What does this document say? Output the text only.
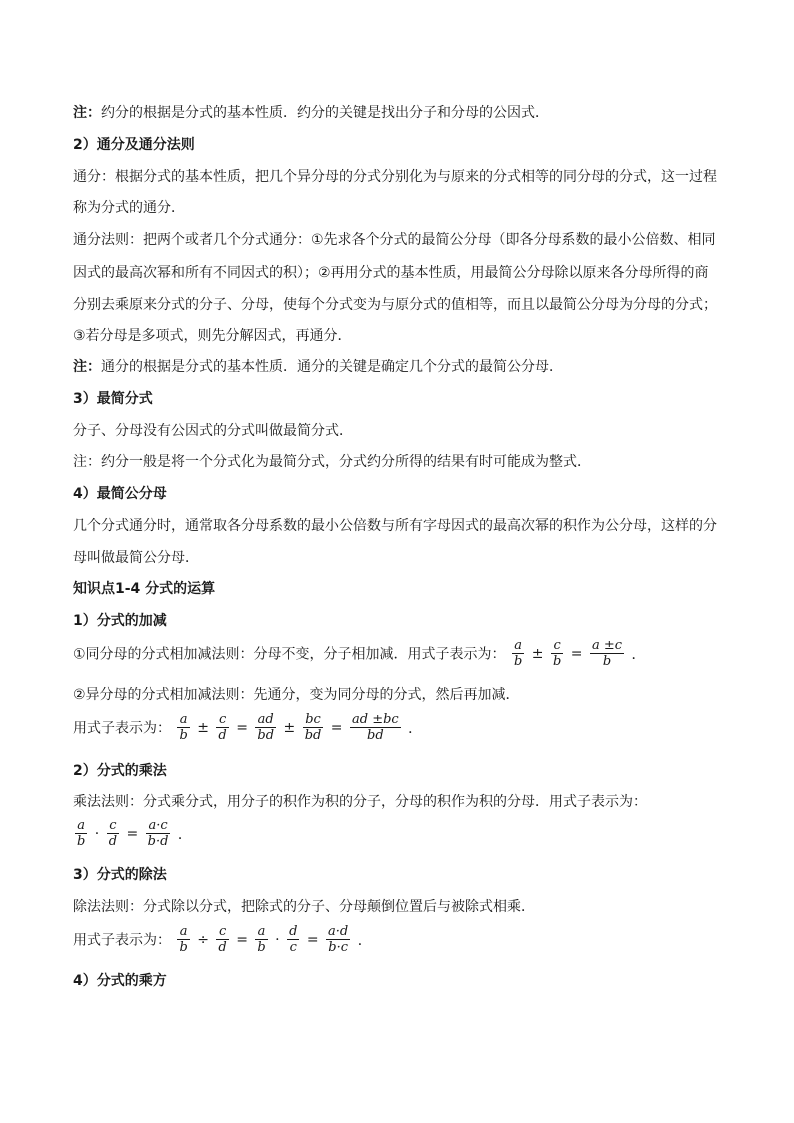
注：约分的根据是分式的基本性质．约分的关键是找出分子和分母的公因式．
2）通分及通分法则
通分：根据分式的基本性质，把几个异分母的分式分别化为与原来的分式相等的同分母的分式，这一过程
称为分式的通分．
通分法则：把两个或者几个分式通分：①先求各个分式的最简公分母（即各分母系数的最小公倍数、相同
因式的最高次幂和所有不同因式的积）；②再用分式的基本性质，用最简公分母除以原来各分母所得的商
分别去乘原来分式的分子、分母，使每个分式变为与原分式的值相等，而且以最简公分母为分母的分式；
③若分母是多项式，则先分解因式，再通分．
注：通分的根据是分式的基本性质．通分的关键是确定几个分式的最简公分母．
3）最简分式
分子、分母没有公因式的分式叫做最简分式．
注：约分一般是将一个分式化为最简分式，分式约分所得的结果有时可能成为整式．
4）最简公分母
几个分式通分时，通常取各分母系数的最小公倍数与所有字母因式的最高次幂的积作为公分母，这样的分
母叫做最简公分母．
知识点1-4 分式的运算
1）分式的加减
①同分母的分式相加减法则：分母不变，分子相加减．用式子表示为： $\frac{a}{b} \pm \frac{c}{b} = \frac{a \pm c}{b}$ ．
②异分母的分式相加减法则：先通分，变为同分母的分式，然后再加减．
用式子表示为： $\frac{a}{b} \pm \frac{c}{d} = \frac{ad}{bd} \pm \frac{bc}{bd} = \frac{ad \pm bc}{bd}$ ．
2）分式的乘法
乘法法则：分式乘分式，用分子的积作为积的分子，分母的积作为积的分母．用式子表示为：
$\frac{a}{b} \cdot \frac{c}{d} = \frac{a\cdot c}{b\cdot d}$ ．
3）分式的除法
除法法则：分式除以分式，把除式的分子、分母颠倒位置后与被除式相乘．
用式子表示为： $\frac{a}{b} \div \frac{c}{d} = \frac{a}{b} \cdot \frac{d}{c} = \frac{a\cdot d}{b\cdot c}$ ．
4）分式的乘方
